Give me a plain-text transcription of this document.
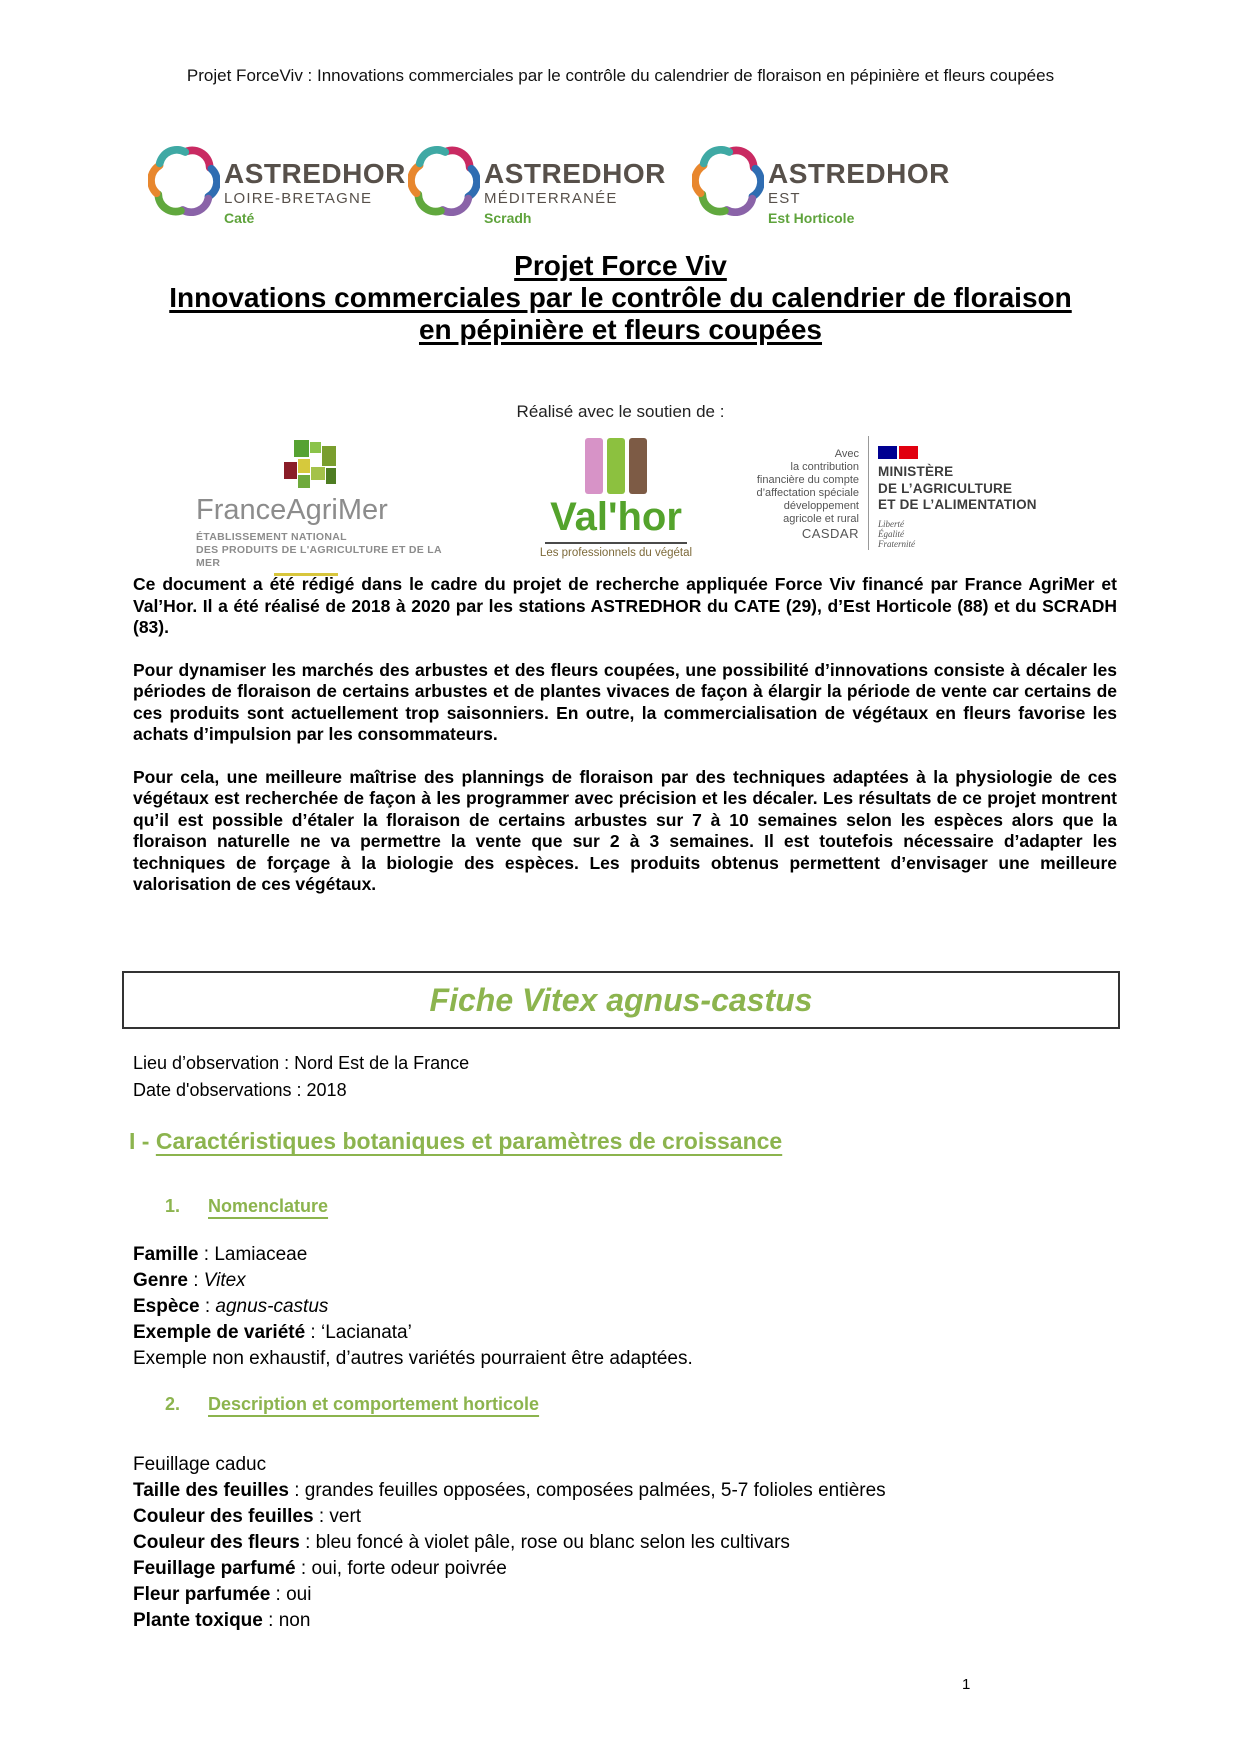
Projet ForceViv : Innovations commerciales par le contrôle du calendrier de floraison en pépinière et fleurs coupées
ASTREDHOR
LOIRE-BRETAGNE
Caté
ASTREDHOR
MÉDITERRANÉE
Scradh
ASTREDHOR
EST
Est Horticole
Projet Force Viv
Innovations commerciales par le contrôle du calendrier de floraison
en pépinière et fleurs coupées
Réalisé avec le soutien de :
FranceAgriMer
ÉTABLISSEMENT NATIONAL
DES PRODUITS DE L'AGRICULTURE ET DE LA MER
Val'hor
Les professionnels du végétal
Avec
la contribution
financière du compte
d’affectation spéciale
développement
agricole et rural
CASDAR
MINISTÈRE
DE L’AGRICULTURE
ET DE L’ALIMENTATION
Liberté
Égalité
Fraternité

Ce document a été rédigé dans le cadre du projet de recherche appliquée Force Viv financé par France AgriMer et Val’Hor. Il a été réalisé de 2018 à 2020 par les stations ASTREDHOR du CATE (29), d’Est Horticole (88) et du SCRADH (83).

Pour dynamiser les marchés des arbustes et des fleurs coupées, une possibilité d’innovations consiste à décaler les périodes de floraison de certains arbustes et de plantes vivaces de façon à élargir la période de vente car certains de ces produits sont actuellement trop saisonniers. En outre, la commercialisation de végétaux en fleurs favorise les achats d’impulsion par les consommateurs.

Pour cela, une meilleure maîtrise des plannings de floraison par des techniques adaptées à la physiologie de ces végétaux est recherchée de façon à les programmer avec précision et les décaler. Les résultats de ce projet montrent qu’il est possible d’étaler la floraison de certains arbustes sur 7 à 10 semaines selon les espèces alors que la floraison naturelle ne va permettre la vente que sur 2 à 3 semaines. Il est toutefois nécessaire d’adapter les techniques de forçage à la biologie des espèces. Les produits obtenus permettent d’envisager une meilleure valorisation de ces végétaux.

Fiche Vitex agnus-castus
Lieu d’observation : Nord Est de la France
Date d'observations : 2018
I - Caractéristiques botaniques et paramètres de croissance
1. Nomenclature
Famille : Lamiaceae
Genre : Vitex
Espèce : agnus-castus
Exemple de variété : ‘Lacianata’
Exemple non exhaustif, d’autres variétés pourraient être adaptées.
2. Description et comportement horticole
Feuillage caduc
Taille des feuilles : grandes feuilles opposées, composées palmées, 5-7 folioles entières
Couleur des feuilles : vert
Couleur des fleurs : bleu foncé à violet pâle, rose ou blanc selon les cultivars
Feuillage parfumé : oui, forte odeur poivrée
Fleur parfumée : oui
Plante toxique : non
1
